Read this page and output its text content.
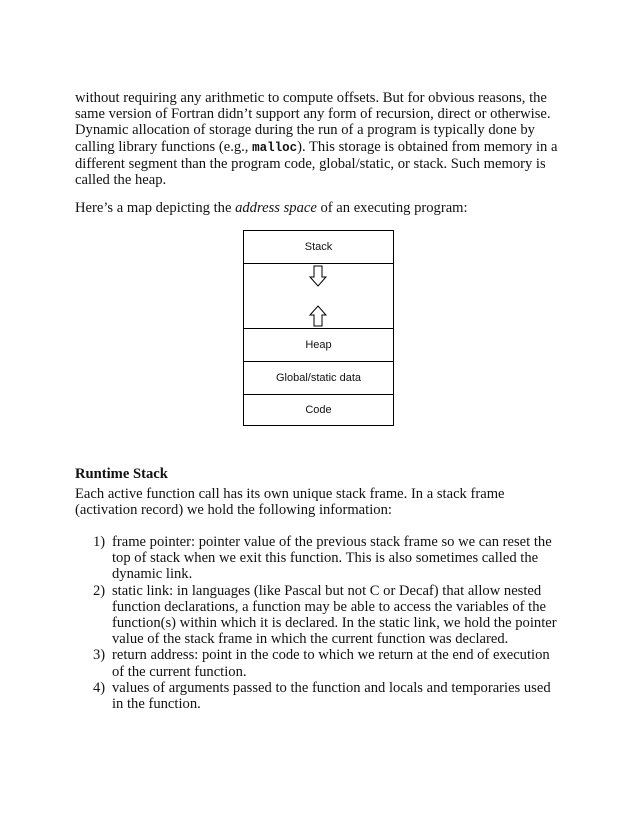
without requiring any arithmetic to compute offsets. But for obvious reasons, the same version of Fortran didn’t support any form of recursion, direct or otherwise. Dynamic allocation of storage during the run of a program is typically done by calling library functions (e.g., malloc). This storage is obtained from memory in a different segment than the program code, global/static, or stack. Such memory is called the heap.

Here’s a map depicting the address space of an executing program:

Stack
Heap
Global/static data
Code
Runtime Stack

Each active function call has its own unique stack frame. In a stack frame (activation record) we hold the following information:

1) frame pointer: pointer value of the previous stack frame so we can reset the top of stack when we exit this function. This is also sometimes called the dynamic link.
2) static link: in languages (like Pascal but not C or Decaf) that allow nested function declarations, a function may be able to access the variables of the function(s) within which it is declared. In the static link, we hold the pointer value of the stack frame in which the current function was declared.
3) return address: point in the code to which we return at the end of execution of the current function.
4) values of arguments passed to the function and locals and temporaries used in the function.
